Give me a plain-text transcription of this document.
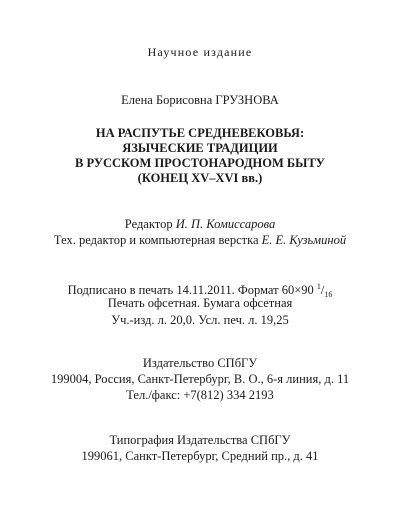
Научное издание
Елена Борисовна ГРУЗНОВА
НА РАСПУТЬЕ СРЕДНЕВЕКОВЬЯ:
ЯЗЫЧЕСКИЕ ТРАДИЦИИ
В РУССКОМ ПРОСТОНАРОДНОМ БЫТУ
(КОНЕЦ XV–XVI вв.)
Редактор И. П. Комиссарова
Тех. редактор и компьютерная верстка Е. Е. Кузьминой
Подписано в печать 14.11.2011. Формат 60×90 $^1/_{16}$
Печать офсетная. Бумага офсетная
Уч.-изд. л. 20,0. Усл. печ. л. 19,25
Издательство СПбГУ
199004, Россия, Санкт-Петербург, В. О., 6-я линия, д. 11
Тел./факс: +7(812) 334 2193
Типография Издательства СПбГУ
199061, Санкт-Петербург, Средний пр., д. 41
